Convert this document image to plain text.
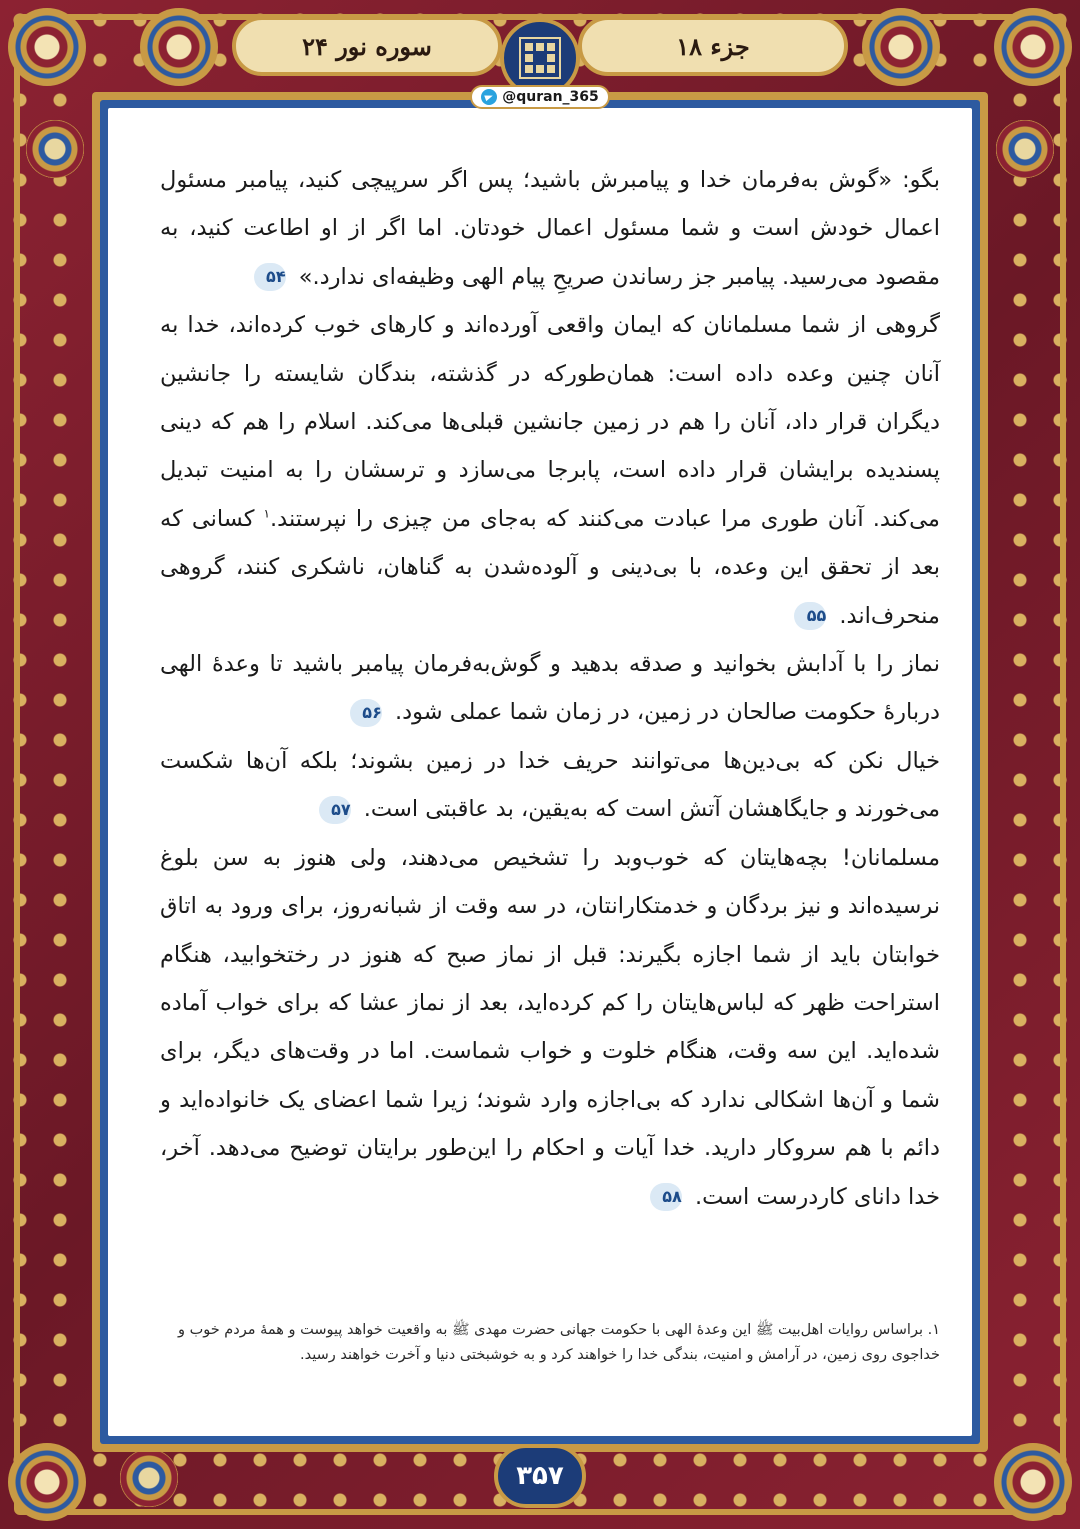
سوره نور ۲۴	جزء ۱۸
@quran_365

بگو: «گوش به‌فرمان خدا و پیامبرش باشید؛ پس اگر سرپیچی کنید، پیامبر مسئول اعمال خودش است و شما مسئول اعمال خودتان. اما اگر از او اطاعت کنید، به مقصود می‌رسید. پیامبر جز رساندن صریحِ پیام الهی وظیفه‌ای ندارد.» ۵۴

گروهی از شما مسلمانان که ایمان واقعی آورده‌اند و کارهای خوب کرده‌اند، خدا به آنان چنین وعده داده است: همان‌طورکه در گذشته، بندگان شایسته را جانشین دیگران قرار داد، آنان را هم در زمین جانشین قبلی‌ها می‌کند. اسلام را هم که دینی پسندیده برایشان قرار داده است، پابرجا می‌سازد و ترسشان را به امنیت تبدیل می‌کند. آنان طوری مرا عبادت می‌کنند که به‌جای من چیزی را نپرستند.$^۱$ کسانی که بعد از تحقق این وعده، با بی‌دینی و آلوده‌شدن به گناهان، ناشکری کنند، گروهی منحرف‌اند. ۵۵

نماز را با آدابش بخوانید و صدقه بدهید و گوش‌به‌فرمان پیامبر باشید تا وعدهٔ الهی دربارهٔ حکومت صالحان در زمین، در زمان شما عملی شود. ۵۶

خیال نکن که بی‌دین‌ها می‌توانند حریف خدا در زمین بشوند؛ بلکه آن‌ها شکست می‌خورند و جایگاهشان آتش است که به‌یقین، بد عاقبتی است. ۵۷

مسلمانان! بچه‌هایتان که خوب‌وبد را تشخیص می‌دهند، ولی هنوز به سن بلوغ نرسیده‌اند و نیز بردگان و خدمتکارانتان، در سه وقت از شبانه‌روز، برای ورود به اتاق خوابتان باید از شما اجازه بگیرند: قبل از نماز صبح که هنوز در رختخوابید، هنگام استراحت ظهر که لباس‌هایتان را کم کرده‌اید، بعد از نماز عشا که برای خواب آماده شده‌اید. این سه وقت، هنگام خلوت و خواب شماست. اما در وقت‌های دیگر، برای شما و آن‌ها اشکالی ندارد که بی‌اجازه وارد شوند؛ زیرا شما اعضای یک خانواده‌اید و دائم با هم سروکار دارید. خدا آیات و احکام را این‌طور برایتان توضیح می‌دهد. آخر، خدا دانای کاردرست است. ۵۸

۱. براساس روایات اهل‌بیت ﷺ این وعدهٔ الهی با حکومت جهانی حضرت مهدی ﷺ به واقعیت خواهد پیوست و همهٔ مردم خوب و خداجوی روی زمین، در آرامش و امنیت، بندگی خدا را خواهند کرد و به خوشبختی دنیا و آخرت خواهند رسید.
۳۵۷
